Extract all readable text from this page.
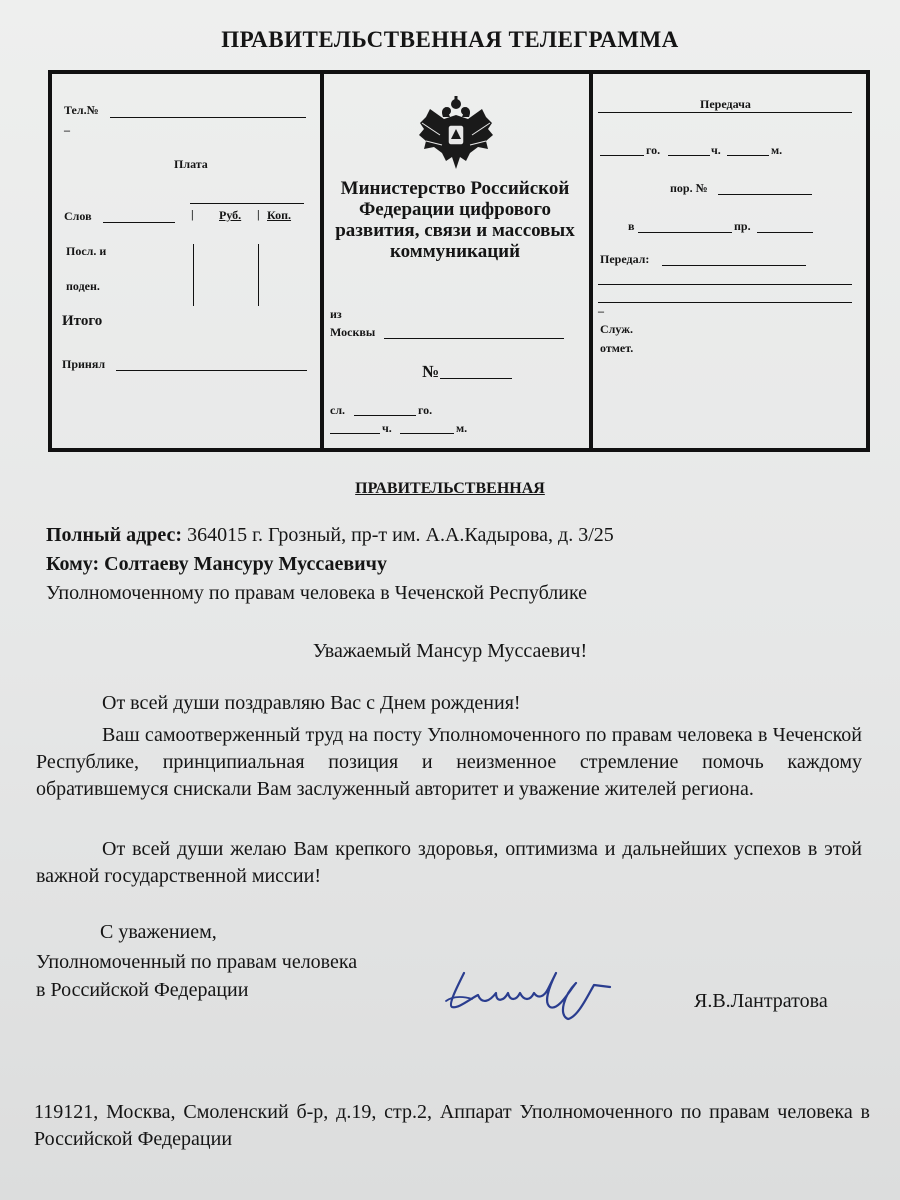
ПРАВИТЕЛЬСТВЕННАЯ ТЕЛЕГРАММА
Тел.№
–
Плата
Слов	| Руб. | Коп.
Посл. и
поден.
Итого
Принял
Министерство Российской Федерации цифрового развития, связи и массовых коммуникаций
из
Москвы
№
сл.	го.
ч.	м.
Передача
го.	ч.	м.
пор. №
в	пр.
Передал:
–
Служ.
отмет.
ПРАВИТЕЛЬСТВЕННАЯ
Полный адрес: 364015 г. Грозный, пр-т им. А.А.Кадырова, д. 3/25
Кому: Солтаеву Мансуру Муссаевичу
Уполномоченному по правам человека в Чеченской Республике
Уважаемый Мансур Муссаевич!
От всей души поздравляю Вас с Днем рождения!
Ваш самоотверженный труд на посту Уполномоченного по правам человека в Чеченской Республике, принципиальная позиция и неизменное стремление помочь каждому обратившемуся снискали Вам заслуженный авторитет и уважение жителей региона.
От всей души желаю Вам крепкого здоровья, оптимизма и дальнейших успехов в этой важной государственной миссии!
С уважением,
Уполномоченный по правам человека
в Российской Федерации	Я.В.Лантратова
119121, Москва, Смоленский б-р, д.19, стр.2, Аппарат Уполномоченного по правам человека в Российской Федерации
